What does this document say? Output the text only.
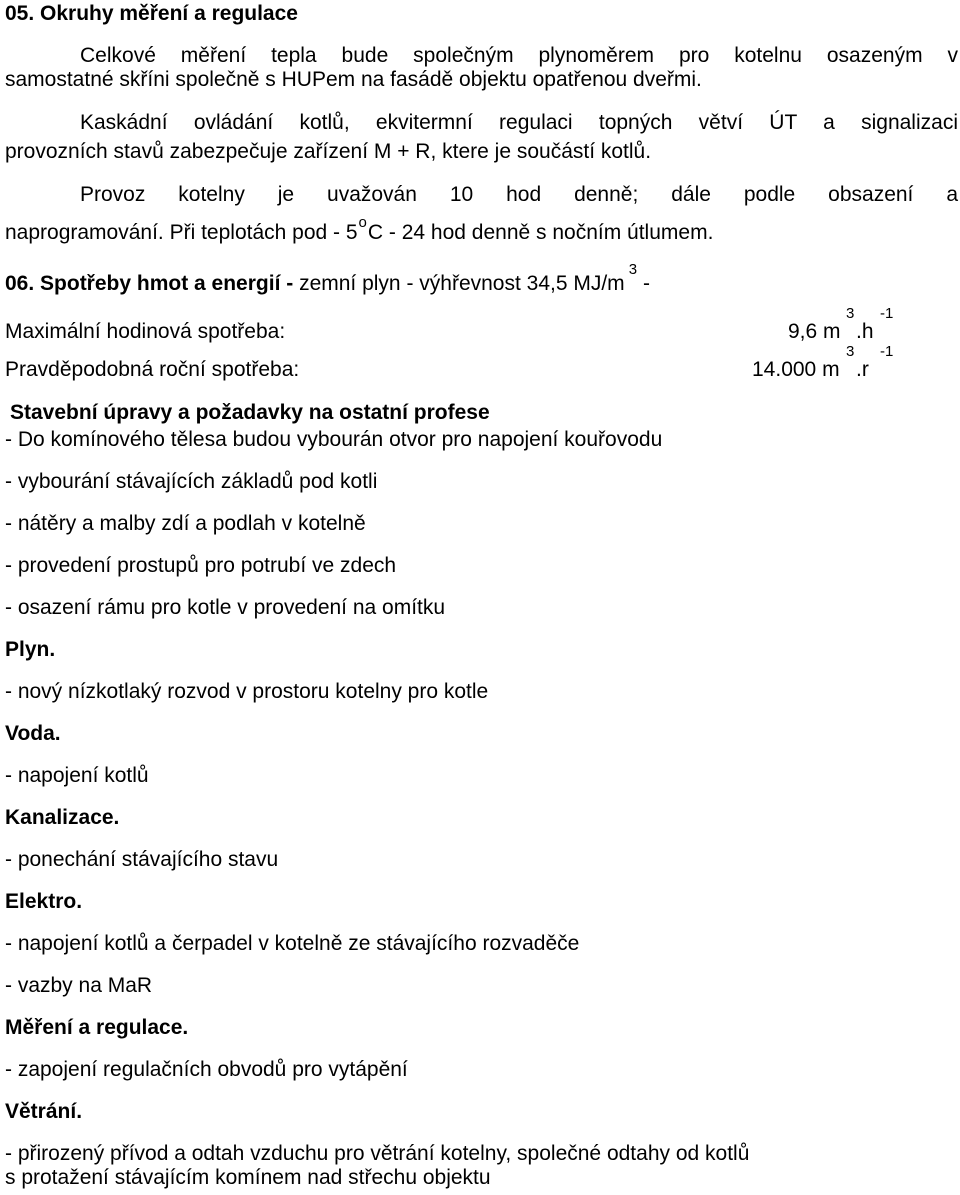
05. Okruhy měření a regulace
Celkové měření tepla bude společným plynoměrem pro kotelnu osazeným v
samostatné skříni společně s HUPem na fasádě objektu opatřenou dveřmi.
Kaskádní ovládání kotlů, ekvitermní regulaci topných větví ÚT a signalizaci
provozních stavů zabezpečuje zařízení M + R, ktere je součástí kotlů.
Provoz kotelny je uvažován 10 hod denně; dále podle obsazení a
naprogramování. Při teplotách pod - 5$^o$C - 24 hod denně s nočním útlumem.
06. Spotřeby hmot a energií - zemní plyn - výhřevnost 34,5 $MJ/m^3-$
Maximální hodinová spotřeba:	9,6 m
3
.h
-1
Pravděpodobná roční spotřeba:	14.000 m
3
.r
-1
Stavební úpravy a požadavky na ostatní profese
- Do komínového tělesa budou vybourán otvor pro napojení kouřovodu
- vybourání stávajících základů pod kotli
- nátěry a malby zdí a podlah v kotelně
- provedení prostupů pro potrubí ve zdech
- osazení rámu pro kotle v provedení na omítku
Plyn.
- nový nízkotlaký rozvod v prostoru kotelny pro kotle
Voda.
- napojení kotlů
Kanalizace.
- ponechání stávajícího stavu
Elektro.
- napojení kotlů a čerpadel v kotelně ze stávajícího rozvaděče
- vazby na MaR
Měření a regulace.
- zapojení regulačních obvodů pro vytápění
Větrání.
- přirozený přívod a odtah vzduchu pro větrání kotelny, společné odtahy od kotlů
s protažení stávajícím komínem nad střechu objektu
